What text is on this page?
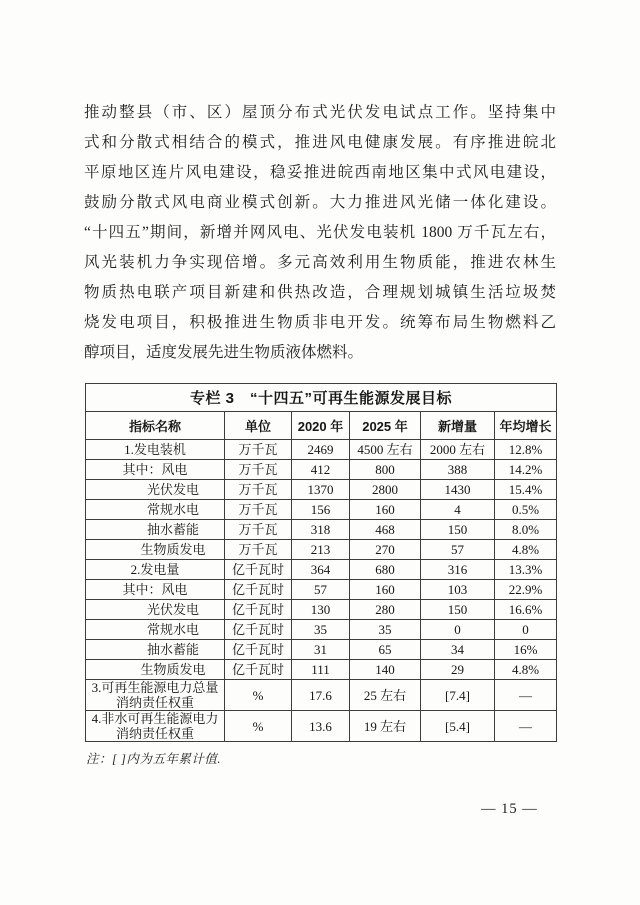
推动整县（市、区）屋顶分布式光伏发电试点工作。坚持集中
式和分散式相结合的模式，推进风电健康发展。有序推进皖北
平原地区连片风电建设，稳妥推进皖西南地区集中式风电建设，
鼓励分散式风电商业模式创新。大力推进风光储一体化建设。
“十四五”期间，新增并网风电、光伏发电装机 1800 万千瓦左右，
风光装机力争实现倍增。多元高效利用生物质能，推进农林生
物质热电联产项目新建和供热改造，合理规划城镇生活垃圾焚
烧发电项目，积极推进生物质非电开发。统筹布局生物燃料乙
醇项目，适度发展先进生物质液体燃料。
专栏 3　“十四五”可再生能源发展目标					
指标名称	单位	2020 年	2025 年	新增量	年均增长
1.发电装机	万千瓦	2469	4500 左右	2000 左右	12.8%
其中：风电	万千瓦	412	800	388	14.2%
光伏发电	万千瓦	1370	2800	1430	15.4%
常规水电	万千瓦	156	160	4	0.5%
抽水蓄能	万千瓦	318	468	150	8.0%
生物质发电	万千瓦	213	270	57	4.8%
2.发电量	亿千瓦时	364	680	316	13.3%
其中：风电	亿千瓦时	57	160	103	22.9%
光伏发电	亿千瓦时	130	280	150	16.6%
常规水电	亿千瓦时	35	35	0	0
抽水蓄能	亿千瓦时	31	65	34	16%
生物质发电	亿千瓦时	111	140	29	4.8%
3.可再生能源电力总量消纳责任权重	%	17.6	25 左右	[7.4]	—
4.非水可再生能源电力消纳责任权重	%	13.6	19 左右	[5.4]	—
注：[ ]内为五年累计值.
— 15 —
